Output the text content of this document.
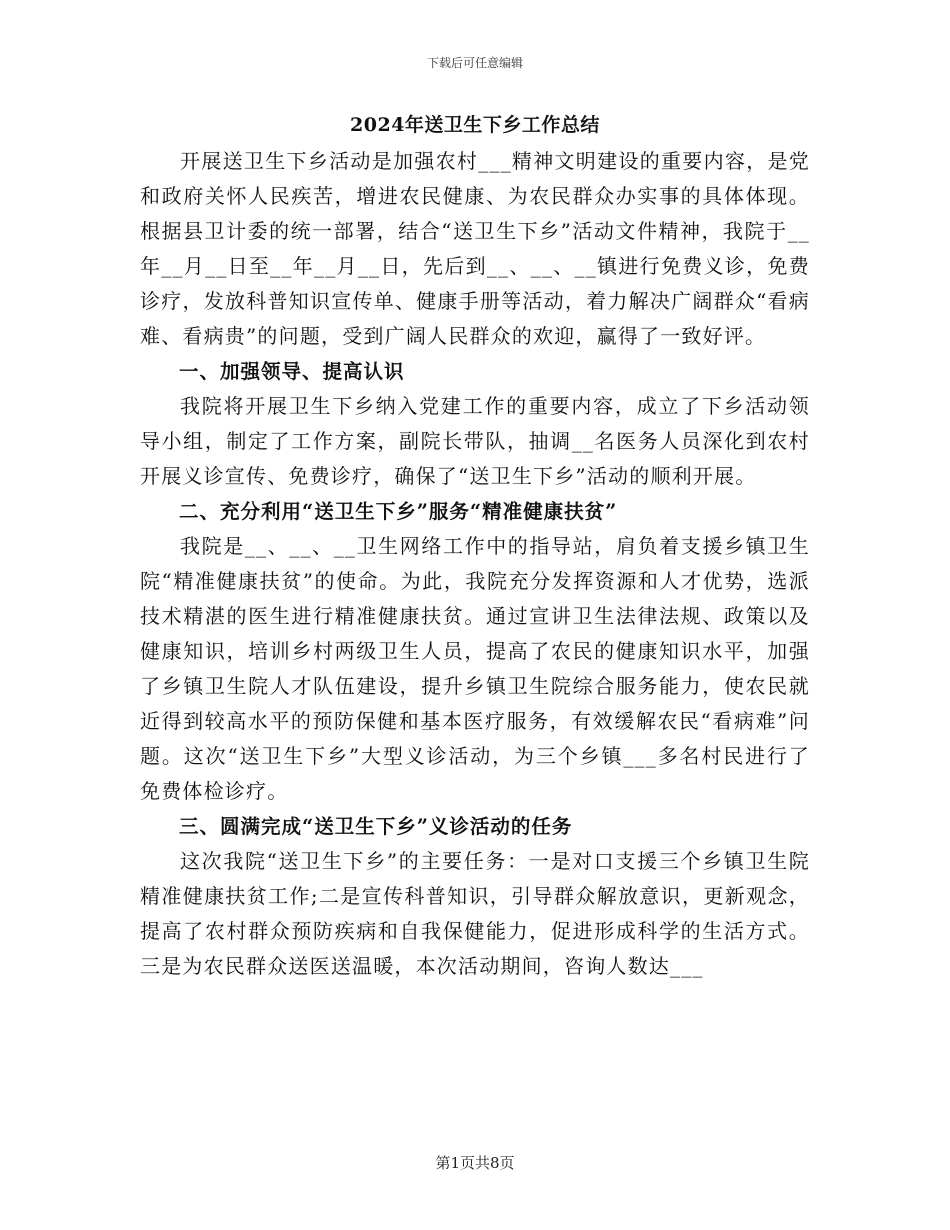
下载后可任意编辑
2024年送卫生下乡工作总结

开展送卫生下乡活动是加强农村___精神文明建设的重要内容，是党和政府关怀人民疾苦，增进农民健康、为农民群众办实事的具体体现。根据县卫计委的统一部署，结合“送卫生下乡”活动文件精神，我院于__年__月__日至__年__月__日，先后到__、__、__镇进行免费义诊，免费诊疗，发放科普知识宣传单、健康手册等活动，着力解决广阔群众“看病难、看病贵”的问题，受到广阔人民群众的欢迎，赢得了一致好评。

一、加强领导、提高认识

我院将开展卫生下乡纳入党建工作的重要内容，成立了下乡活动领导小组，制定了工作方案，副院长带队，抽调__名医务人员深化到农村开展义诊宣传、免费诊疗，确保了“送卫生下乡”活动的顺利开展。

二、充分利用“送卫生下乡”服务“精准健康扶贫”

我院是__、__、__卫生网络工作中的指导站，肩负着支援乡镇卫生院“精准健康扶贫”的使命。为此，我院充分发挥资源和人才优势，选派技术精湛的医生进行精准健康扶贫。通过宣讲卫生法律法规、政策以及健康知识，培训乡村两级卫生人员，提高了农民的健康知识水平，加强了乡镇卫生院人才队伍建设，提升乡镇卫生院综合服务能力，使农民就近得到较高水平的预防保健和基本医疗服务，有效缓解农民“看病难”问题。这次“送卫生下乡”大型义诊活动，为三个乡镇___多名村民进行了免费体检诊疗。

三、圆满完成“送卫生下乡”义诊活动的任务

这次我院“送卫生下乡”的主要任务：一是对口支援三个乡镇卫生院精准健康扶贫工作;二是宣传科普知识，引导群众解放意识，更新观念，提高了农村群众预防疾病和自我保健能力，促进形成科学的生活方式。三是为农民群众送医送温暖，本次活动期间，咨询人数达___

第1页共8页
